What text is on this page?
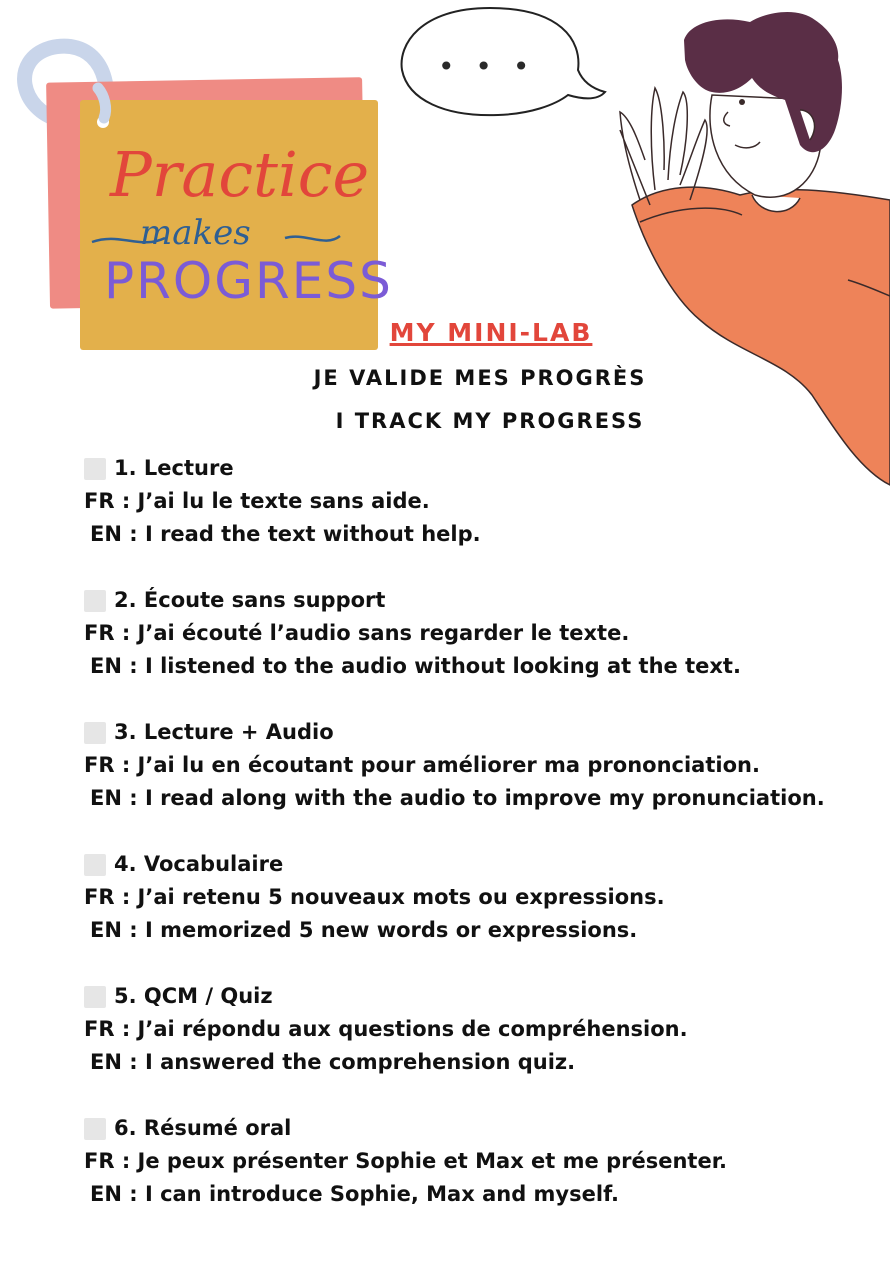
Practice
makes
PROGRESS
• • •
MY MINI-LAB
JE VALIDE MES PROGRÈS
I TRACK MY PROGRESS
1. Lecture
FR : J’ai lu le texte sans aide.
EN : I read the text without help.
2. Écoute sans support
FR : J’ai écouté l’audio sans regarder le texte.
EN : I listened to the audio without looking at the text.
3. Lecture + Audio
FR : J’ai lu en écoutant pour améliorer ma prononciation.
EN : I read along with the audio to improve my pronunciation.
4. Vocabulaire
FR : J’ai retenu 5 nouveaux mots ou expressions.
EN : I memorized 5 new words or expressions.
5. QCM / Quiz
FR : J’ai répondu aux questions de compréhension.
EN : I answered the comprehension quiz.
6. Résumé oral
FR : Je peux présenter Sophie et Max et me présenter.
EN : I can introduce Sophie, Max and myself.
